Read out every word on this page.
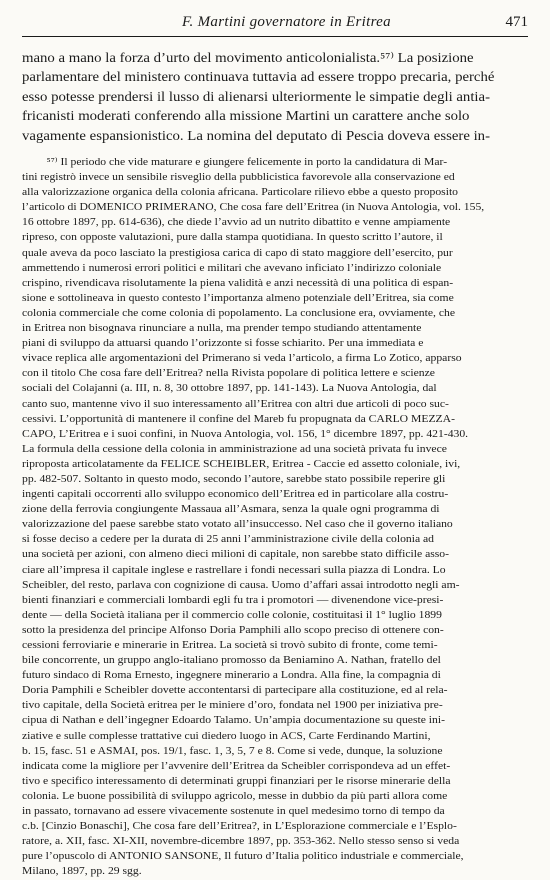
F. Martini governatore in Eritrea	471
mano a mano la forza d’urto del movimento anticolonialista.⁵⁷⁾ La posizione
parlamentare del ministero continuava tuttavia ad essere troppo precaria, perché
esso potesse prendersi il lusso di alienarsi ulteriormente le simpatie degli antia-
fricanisti moderati conferendo alla missione Martini un carattere anche solo
vagamente espansionistico. La nomina del deputato di Pescia doveva essere in-
⁵⁷⁾ Il periodo che vide maturare e giungere felicemente in porto la candidatura di Mar-
tini registrò invece un sensibile risveglio della pubblicistica favorevole alla conservazione ed
alla valorizzazione organica della colonia africana. Particolare rilievo ebbe a questo proposito
l’articolo di DOMENICO PRIMERANO, Che cosa fare dell’Eritrea (in Nuova Antologia, vol. 155,
16 ottobre 1897, pp. 614-636), che diede l’avvio ad un nutrito dibattito e venne ampiamente
ripreso, con opposte valutazioni, pure dalla stampa quotidiana. In questo scritto l’autore, il
quale aveva da poco lasciato la prestigiosa carica di capo di stato maggiore dell’esercito, pur
ammettendo i numerosi errori politici e militari che avevano inficiato l’indirizzo coloniale
crispino, rivendicava risolutamente la piena validità e anzi necessità di una politica di espan-
sione e sottolineava in questo contesto l’importanza almeno potenziale dell’Eritrea, sia come
colonia commerciale che come colonia di popolamento. La conclusione era, ovviamente, che
in Eritrea non bisognava rinunciare a nulla, ma prender tempo studiando attentamente
piani di sviluppo da attuarsi quando l’orizzonte si fosse schiarito. Per una immediata e
vivace replica alle argomentazioni del Primerano si veda l’articolo, a firma Lo Zotico, apparso
con il titolo Che cosa fare dell’Eritrea? nella Rivista popolare di politica lettere e scienze
sociali del Colajanni (a. III, n. 8, 30 ottobre 1897, pp. 141-143). La Nuova Antologia, dal
canto suo, mantenne vivo il suo interessamento all’Eritrea con altri due articoli di poco suc-
cessivi. L’opportunità di mantenere il confine del Mareb fu propugnata da CARLO MEZZA-
CAPO, L’Eritrea e i suoi confini, in Nuova Antologia, vol. 156, 1° dicembre 1897, pp. 421-430.
La formula della cessione della colonia in amministrazione ad una società privata fu invece
riproposta articolatamente da FELICE SCHEIBLER, Eritrea - Caccie ed assetto coloniale, ivi,
pp. 482-507. Soltanto in questo modo, secondo l’autore, sarebbe stato possibile reperire gli
ingenti capitali occorrenti allo sviluppo economico dell’Eritrea ed in particolare alla costru-
zione della ferrovia congiungente Massaua all’Asmara, senza la quale ogni programma di
valorizzazione del paese sarebbe stato votato all’insuccesso. Nel caso che il governo italiano
si fosse deciso a cedere per la durata di 25 anni l’amministrazione civile della colonia ad
una società per azioni, con almeno dieci milioni di capitale, non sarebbe stato difficile asso-
ciare all’impresa il capitale inglese e rastrellare i fondi necessari sulla piazza di Londra. Lo
Scheibler, del resto, parlava con cognizione di causa. Uomo d’affari assai introdotto negli am-
bienti finanziari e commerciali lombardi egli fu tra i promotori — divenendone vice-presi-
dente — della Società italiana per il commercio colle colonie, costituitasi il 1° luglio 1899
sotto la presidenza del principe Alfonso Doria Pamphili allo scopo preciso di ottenere con-
cessioni ferroviarie e minerarie in Eritrea. La società si trovò subito di fronte, come temi-
bile concorrente, un gruppo anglo-italiano promosso da Beniamino A. Nathan, fratello del
futuro sindaco di Roma Ernesto, ingegnere minerario a Londra. Alla fine, la compagnia di
Doria Pamphili e Scheibler dovette accontentarsi di partecipare alla costituzione, ed al rela-
tivo capitale, della Società eritrea per le miniere d’oro, fondata nel 1900 per iniziativa pre-
cipua di Nathan e dell’ingegner Edoardo Talamo. Un’ampia documentazione su queste ini-
ziative e sulle complesse trattative cui diedero luogo in ACS, Carte Ferdinando Martini,
b. 15, fasc. 51 e ASMAI, pos. 19/1, fasc. 1, 3, 5, 7 e 8. Come si vede, dunque, la soluzione
indicata come la migliore per l’avvenire dell’Eritrea da Scheibler corrispondeva ad un effet-
tivo e specifico interessamento di determinati gruppi finanziari per le risorse minerarie della
colonia. Le buone possibilità di sviluppo agricolo, messe in dubbio da più parti allora come
in passato, tornavano ad essere vivacemente sostenute in quel medesimo torno di tempo da
c.b. [Cinzio Bonaschi], Che cosa fare dell’Eritrea?, in L’Esplorazione commerciale e l’Esplo-
ratore, a. XII, fasc. XI-XII, novembre-dicembre 1897, pp. 353-362. Nello stesso senso si veda
pure l’opuscolo di ANTONIO SANSONE, Il futuro d’Italia politico industriale e commerciale,
Milano, 1897, pp. 29 sgg.
